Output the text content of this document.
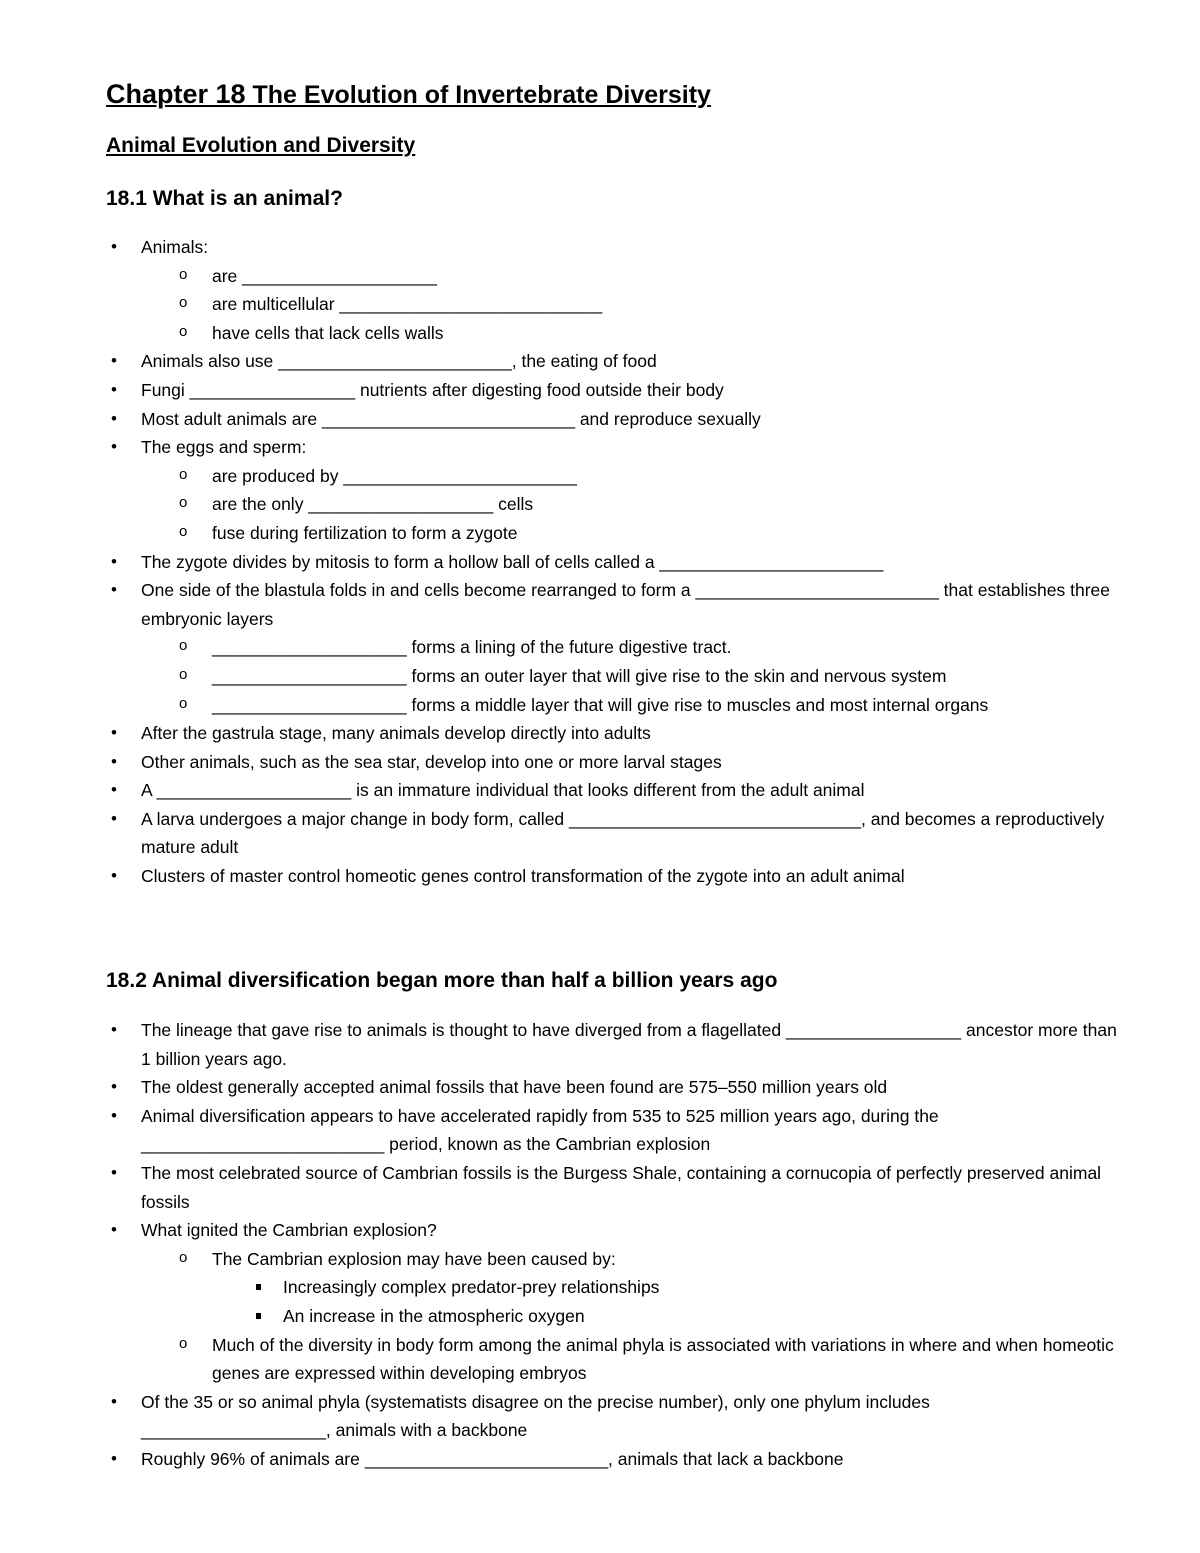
Chapter 18 The Evolution of Invertebrate Diversity
Animal Evolution and Diversity
18.1 What is an animal?
• Animals:
o are ____________________
o are multicellular ___________________________
o have cells that lack cells walls
• Animals also use ________________________, the eating of food
• Fungi _________________ nutrients after digesting food outside their body
• Most adult animals are __________________________ and reproduce sexually
• The eggs and sperm:
o are produced by ________________________
o are the only ___________________ cells
o fuse during fertilization to form a zygote
• The zygote divides by mitosis to form a hollow ball of cells called a _______________________
• One side of the blastula folds in and cells become rearranged to form a _________________________ that establishes three embryonic layers
o ____________________ forms a lining of the future digestive tract.
o ____________________ forms an outer layer that will give rise to the skin and nervous system
o ____________________ forms a middle layer that will give rise to muscles and most internal organs
• After the gastrula stage, many animals develop directly into adults
• Other animals, such as the sea star, develop into one or more larval stages
• A ____________________ is an immature individual that looks different from the adult animal
• A larva undergoes a major change in body form, called ______________________________, and becomes a reproductively mature adult
• Clusters of master control homeotic genes control transformation of the zygote into an adult animal
18.2 Animal diversification began more than half a billion years ago
• The lineage that gave rise to animals is thought to have diverged from a flagellated __________________ ancestor more than 1 billion years ago.
• The oldest generally accepted animal fossils that have been found are 575–550 million years old
• Animal diversification appears to have accelerated rapidly from 535 to 525 million years ago, during the _________________________ period, known as the Cambrian explosion
• The most celebrated source of Cambrian fossils is the Burgess Shale, containing a cornucopia of perfectly preserved animal fossils
• What ignited the Cambrian explosion?
o The Cambrian explosion may have been caused by:
Increasingly complex predator-prey relationships
An increase in the atmospheric oxygen
o Much of the diversity in body form among the animal phyla is associated with variations in where and when homeotic genes are expressed within developing embryos
• Of the 35 or so animal phyla (systematists disagree on the precise number), only one phylum includes ___________________, animals with a backbone
• Roughly 96% of animals are _________________________, animals that lack a backbone
